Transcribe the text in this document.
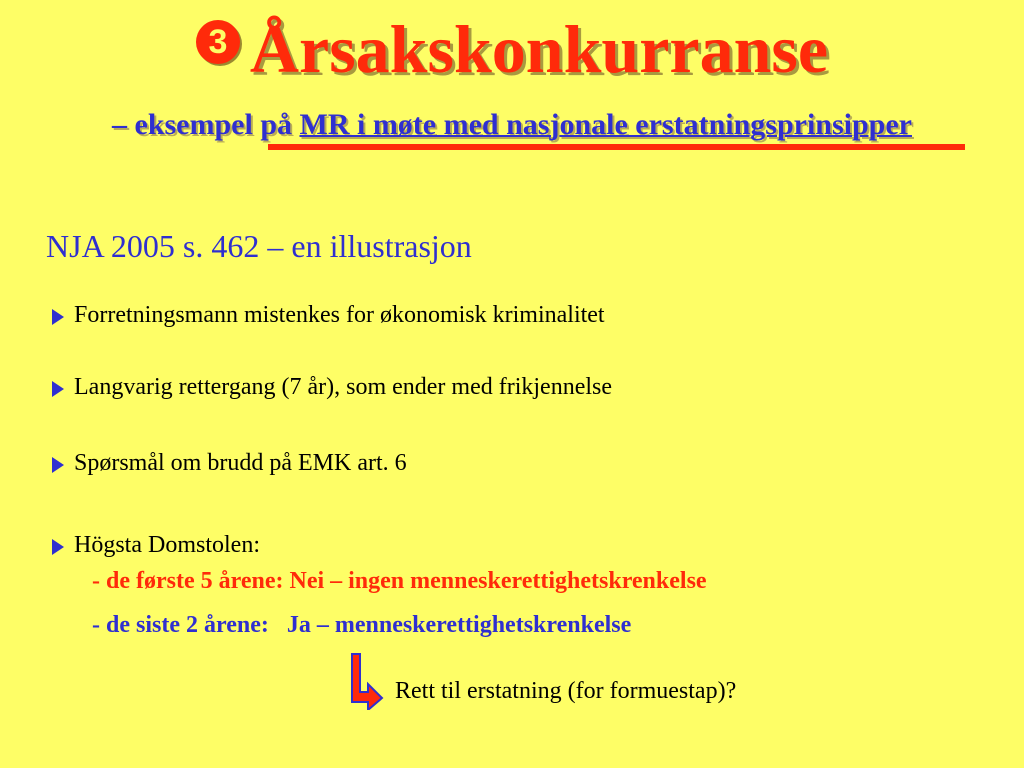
3 Årsakskonkurranse
– eksempel på MR i møte med nasjonale erstatningsprinsipper
NJA 2005 s. 462 – en illustrasjon
Forretningsmann mistenkes for økonomisk kriminalitet
Langvarig rettergang (7 år), som ender med frikjennelse
Spørsmål om brudd på EMK art. 6
Högsta Domstolen:
- de første 5 årene: Nei – ingen menneskerettighetskrenkelse
- de siste 2 årene:   Ja – menneskerettighetskrenkelse
Rett til erstatning (for formuestap)?
